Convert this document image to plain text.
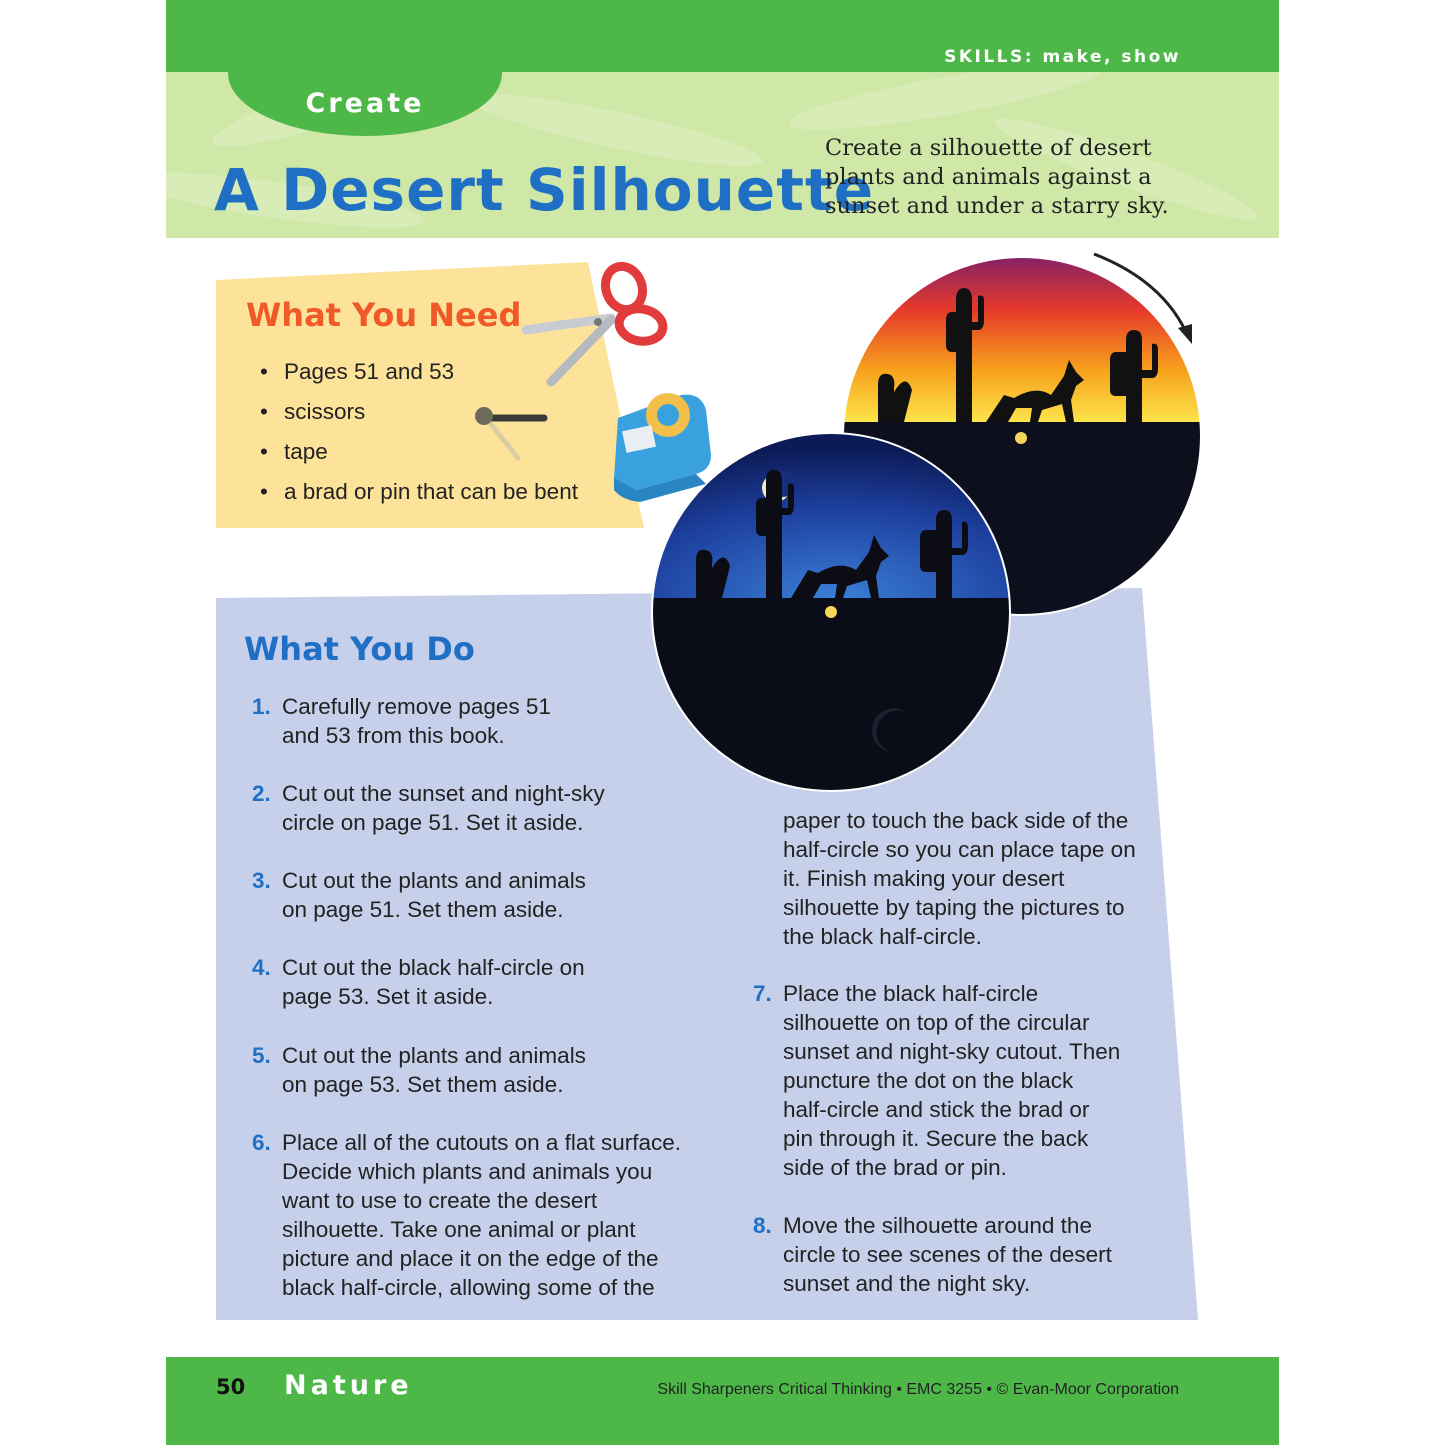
SKILLS: make, show
Create
A Desert Silhouette

Create a silhouette of desert plants and animals against a sunset and under a starry sky.

What You Need
• Pages 51 and 53
• scissors
• tape
• a brad or pin that can be bent
What You Do
1. Carefully remove pages 51 and 53 from this book.
2. Cut out the sunset and night-sky circle on page 51. Set it aside.
3. Cut out the plants and animals on page 51. Set them aside.
4. Cut out the black half-circle on page 53. Set it aside.
5. Cut out the plants and animals on page 53. Set them aside.
6. Place all of the cutouts on a flat surface. Decide which plants and animals you want to use to create the desert silhouette. Take one animal or plant picture and place it on the edge of the black half-circle, allowing some of the

paper to touch the back side of the half-circle so you can place tape on it. Finish making your desert silhouette by taping the pictures to the black half-circle.

7. Place the black half-circle silhouette on top of the circular sunset and night-sky cutout. Then puncture the dot on the black half-circle and stick the brad or pin through it. Secure the back side of the brad or pin.
8. Move the silhouette around the circle to see scenes of the desert sunset and the night sky.
50 Nature	Skill Sharpeners Critical Thinking • EMC 3255 • © Evan-Moor Corporation
